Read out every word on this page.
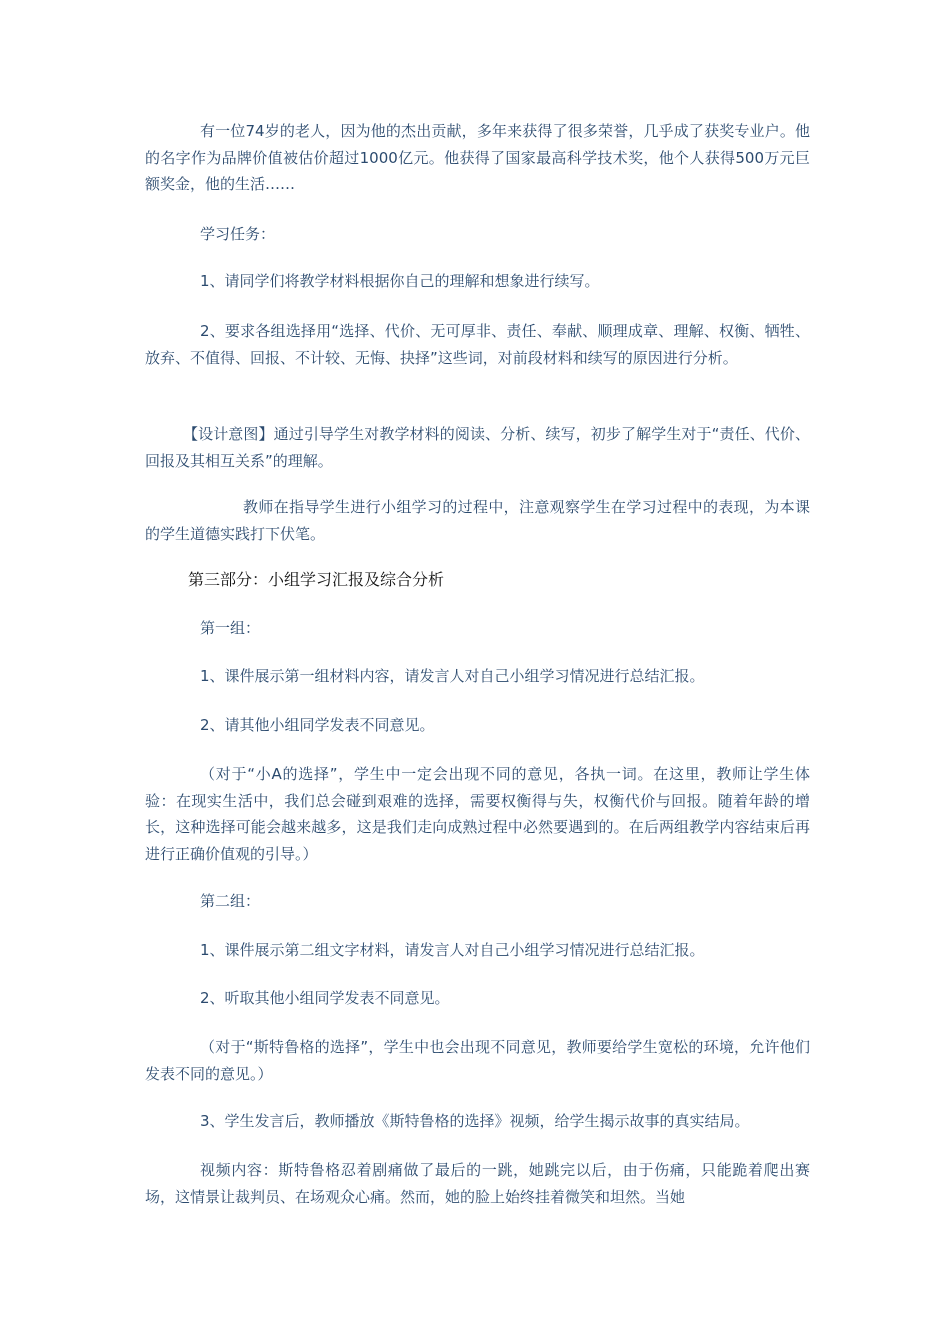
有一位74岁的老人，因为他的杰出贡献，多年来获得了很多荣誉，几乎成了获奖专业户。他的名字作为品牌价值被估价超过1000亿元。他获得了国家最高科学技术奖，他个人获得500万元巨额奖金，他的生活……

学习任务：

1、请同学们将教学材料根据你自己的理解和想象进行续写。

2、要求各组选择用“选择、代价、无可厚非、责任、奉献、顺理成章、理解、权衡、牺牲、放弃、不值得、回报、不计较、无悔、抉择”这些词，对前段材料和续写的原因进行分析。

【设计意图】通过引导学生对教学材料的阅读、分析、续写，初步了解学生对于“责任、代价、回报及其相互关系”的理解。

教师在指导学生进行小组学习的过程中，注意观察学生在学习过程中的表现，为本课的学生道德实践打下伏笔。

第三部分：小组学习汇报及综合分析

第一组：

1、课件展示第一组材料内容，请发言人对自己小组学习情况进行总结汇报。

2、请其他小组同学发表不同意见。

（对于“小A的选择”，学生中一定会出现不同的意见，各执一词。在这里，教师让学生体验：在现实生活中，我们总会碰到艰难的选择，需要权衡得与失，权衡代价与回报。随着年龄的增长，这种选择可能会越来越多，这是我们走向成熟过程中必然要遇到的。在后两组教学内容结束后再进行正确价值观的引导。）

第二组：

1、课件展示第二组文字材料，请发言人对自己小组学习情况进行总结汇报。

2、听取其他小组同学发表不同意见。

（对于“斯特鲁格的选择”，学生中也会出现不同意见，教师要给学生宽松的环境，允许他们发表不同的意见。）

3、学生发言后，教师播放《斯特鲁格的选择》视频，给学生揭示故事的真实结局。

视频内容：斯特鲁格忍着剧痛做了最后的一跳，她跳完以后，由于伤痛，只能跪着爬出赛场，这情景让裁判员、在场观众心痛。然而，她的脸上始终挂着微笑和坦然。当她
